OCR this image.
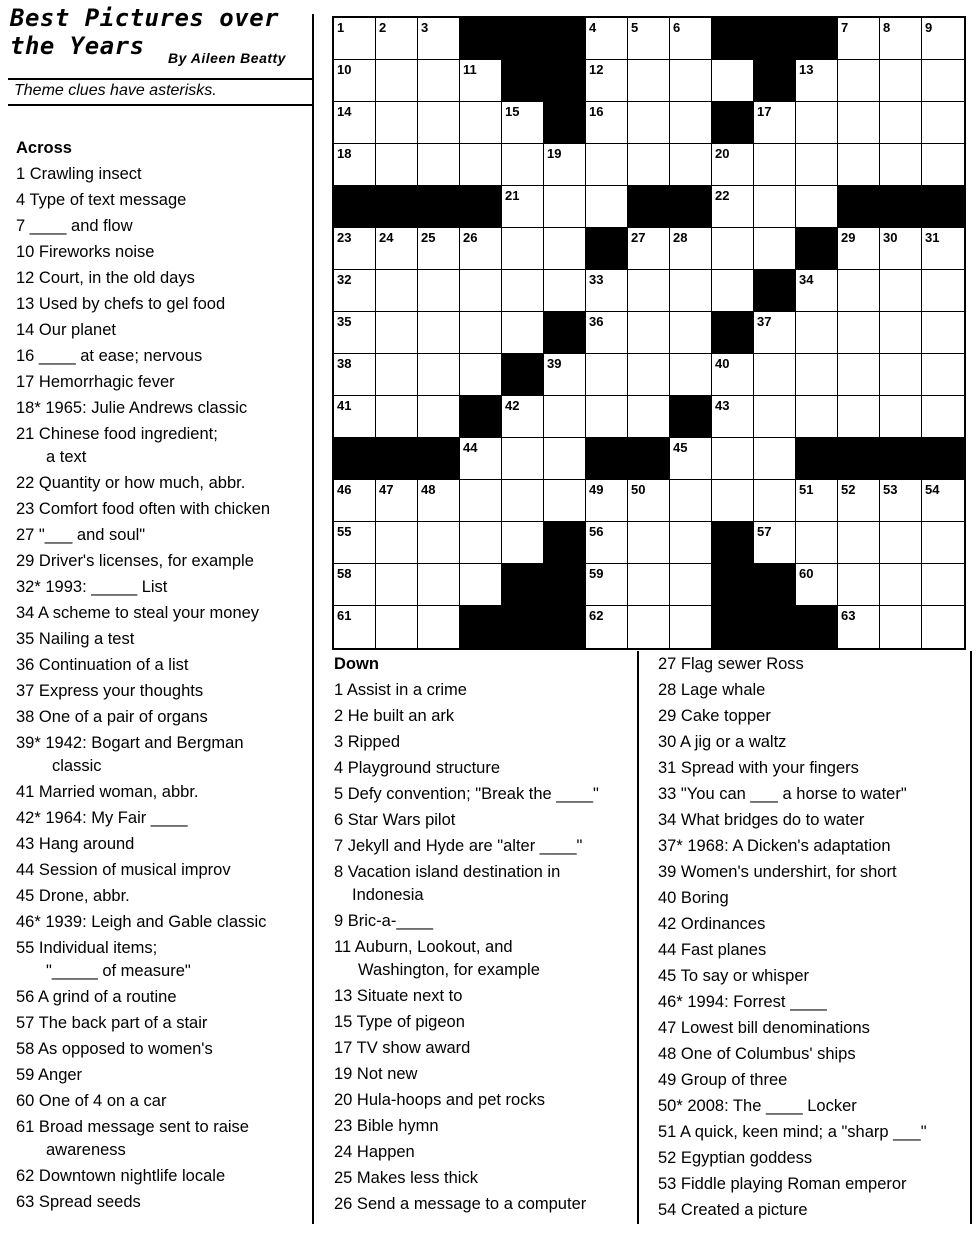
Best Pictures over
the Years	By Aileen Beatty
Theme clues have asterisks.
Across
1 Crawling insect
4 Type of text message
7 ____ and flow
10 Fireworks noise
12 Court, in the old days
13 Used by chefs to gel food
14 Our planet
16 ____ at ease; nervous
17 Hemorrhagic fever
18* 1965: Julie Andrews classic
21 Chinese food ingredient;
a text
22 Quantity or how much, abbr.
23 Comfort food often with chicken
27 "___ and soul"
29 Driver's licenses, for example
32* 1993: _____ List
34 A scheme to steal your money
35 Nailing a test
36 Continuation of a list
37 Express your thoughts
38 One of a pair of organs
39* 1942: Bogart and Bergman
classic
41 Married woman, abbr.
42* 1964: My Fair ____
43 Hang around
44 Session of musical improv
45 Drone, abbr.
46* 1939: Leigh and Gable classic
55 Individual items;
"_____ of measure"
56 A grind of a routine
57 The back part of a stair
58 As opposed to women's
59 Anger
60 One of 4 on a car
61 Broad message sent to raise
awareness
62 Downtown nightlife locale
63 Spread seeds
Down
1 Assist in a crime
2 He built an ark
3 Ripped
4 Playground structure
5 Defy convention; "Break the ____"
6 Star Wars pilot
7 Jekyll and Hyde are "alter ____"
8 Vacation island destination in
Indonesia
9 Bric-a-____
11 Auburn, Lookout, and
Washington, for example
13 Situate next to
15 Type of pigeon
17 TV show award
19 Not new
20 Hula-hoops and pet rocks
23 Bible hymn
24 Happen
25 Makes less thick
26 Send a message to a computer
27 Flag sewer Ross
28 Lage whale
29 Cake topper
30 A jig or a waltz
31 Spread with your fingers
33 "You can ___ a horse to water"
34 What bridges do to water
37* 1968: A Dicken's adaptation
39 Women's undershirt, for short
40 Boring
42 Ordinances
44 Fast planes
45 To say or whisper
46* 1994: Forrest ____
47 Lowest bill denominations
48 One of Columbus' ships
49 Group of three
50* 2008: The ____ Locker
51 A quick, keen mind; a "sharp ___"
52 Egyptian goddess
53 Fiddle playing Roman emperor
54 Created a picture
1	2	3	4	5	6	7	8	9
10	11	12	13
14	15	16	17
18	19	20
21	22
23 24 25 26	27 28	29 30 31
32	33	34
35	36	37
38	39	40
41	42	43
44	45
46 47 48	49 50	51 52 53 54
55	56	57
58	59	60
61	62	63
